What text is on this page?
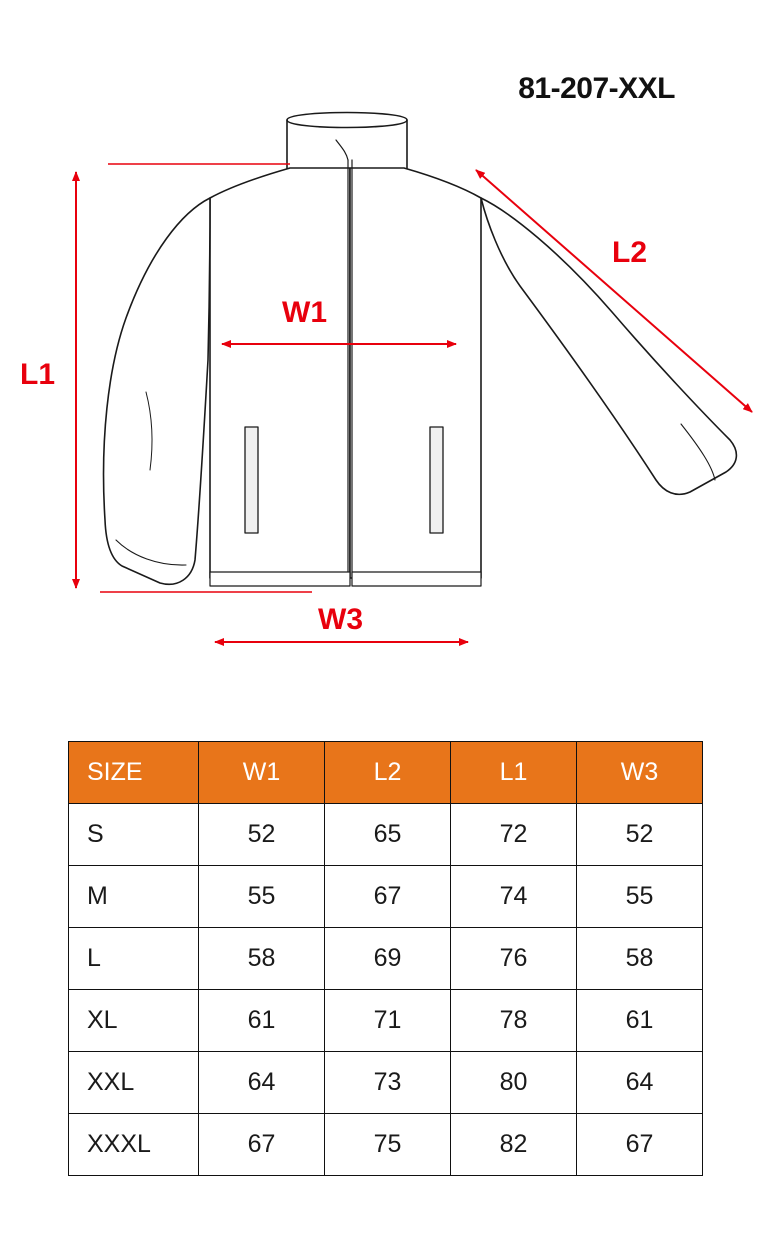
81-207-XXL
L1
L2
W1
W3
SIZE	W1	L2	L1	W3
S	52	65	72	52
M	55	67	74	55
L	58	69	76	58
XL	61	71	78	61
XXL	64	73	80	64
XXXL	67	75	82	67
